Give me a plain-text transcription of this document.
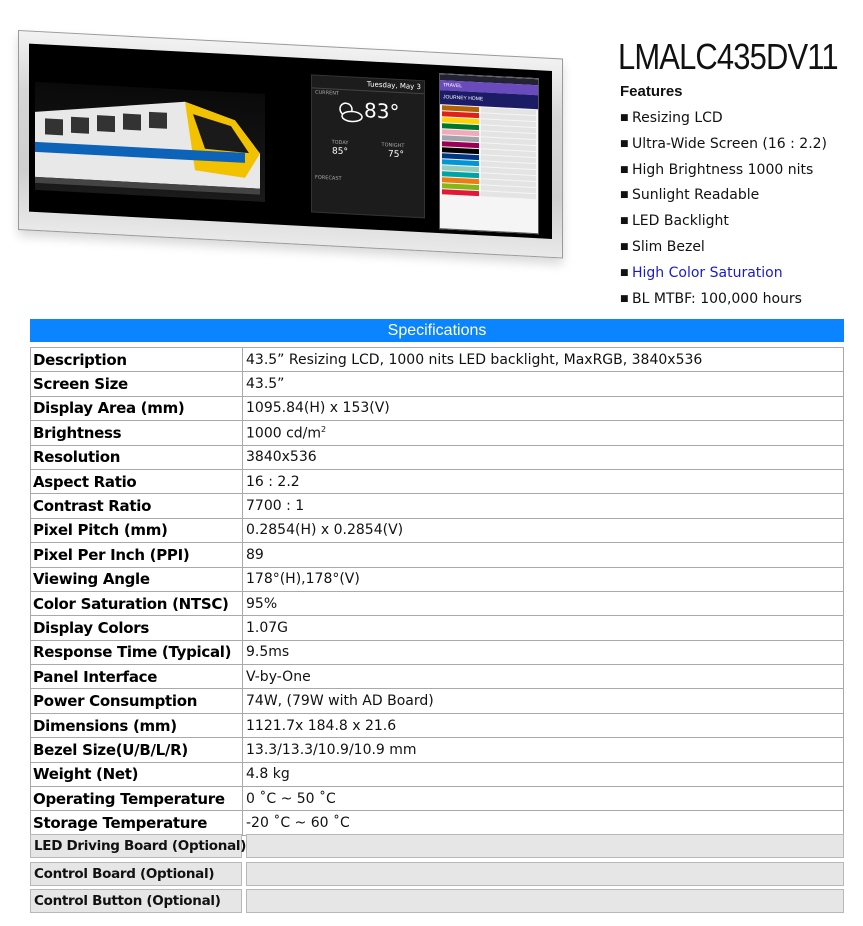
Tuesday, May 3
CURRENT
83°
TODAY	TONIGHT
85°	75°
FORECAST
TRAVEL
JOURNEY HOME
LMALC435DV11
Features
■ Resizing LCD
■ Ultra-Wide Screen (16 : 2.2)
■ High Brightness 1000 nits
■ Sunlight Readable
■ LED Backlight
■ Slim Bezel
■ High Color Saturation
■ BL MTBF: 100,000 hours
Specifications
Description	43.5” Resizing LCD, 1000 nits LED backlight, MaxRGB, 3840x536
Screen Size	43.5”
Display Area (mm)	1095.84(H) x 153(V)
Brightness	1000 $cd/m^2$
Resolution	3840x536
Aspect Ratio	16 : 2.2
Contrast Ratio	7700 : 1
Pixel Pitch (mm)	0.2854(H) x 0.2854(V)
Pixel Per Inch (PPI)	89
Viewing Angle	178°(H),178°(V)
Color Saturation (NTSC)	95%
Display Colors	1.07G
Response Time (Typical)	9.5ms
Panel Interface	V-by-One
Power Consumption	74W, (79W with AD Board)
Dimensions (mm)	1121.7x 184.8 x 21.6
Bezel Size(U/B/L/R)	13.3/13.3/10.9/10.9 mm
Weight (Net)	4.8 kg
Operating Temperature	0 ˚C ~ 50 ˚C
Storage Temperature	-20 ˚C ~ 60 ˚C
LED Driving Board (Optional)
Control Board (Optional)
Control Button (Optional)
